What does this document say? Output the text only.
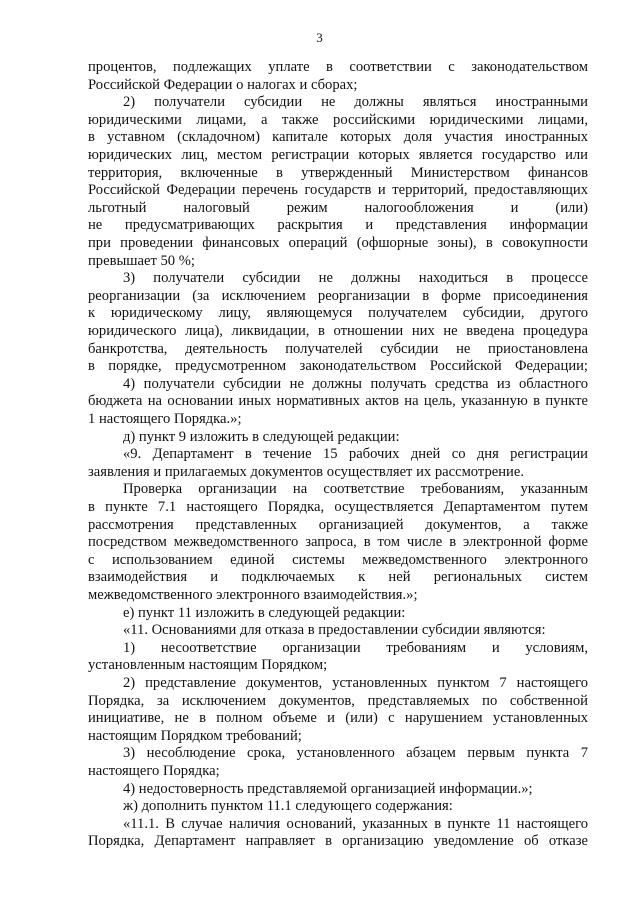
3
процентов, подлежащих уплате в соответствии с законодательством
Российской Федерации о налогах и сборах;
2) получатели субсидии не должны являться иностранными
юридическими лицами, а также российскими юридическими лицами,
в уставном (складочном) капитале которых доля участия иностранных
юридических лиц, местом регистрации которых является государство или
территория, включенные в утвержденный Министерством финансов
Российской Федерации перечень государств и территорий, предоставляющих
льготный налоговый режим налогообложения и (или)
не предусматривающих раскрытия и представления информации
при проведении финансовых операций (офшорные зоны), в совокупности
превышает 50 %;
3) получатели субсидии не должны находиться в процессе
реорганизации (за исключением реорганизации в форме присоединения
к юридическому лицу, являющемуся получателем субсидии, другого
юридического лица), ликвидации, в отношении них не введена процедура
банкротства, деятельность получателей субсидии не приостановлена
в порядке, предусмотренном законодательством Российской Федерации;
4) получатели субсидии не должны получать средства из областного
бюджета на основании иных нормативных актов на цель, указанную в пункте
1 настоящего Порядка.»;
д) пункт 9 изложить в следующей редакции:
«9. Департамент в течение 15 рабочих дней со дня регистрации
заявления и прилагаемых документов осуществляет их рассмотрение.
Проверка организации на соответствие требованиям, указанным
в пункте 7.1 настоящего Порядка, осуществляется Департаментом путем
рассмотрения представленных организацией документов, а также
посредством межведомственного запроса, в том числе в электронной форме
с использованием единой системы межведомственного электронного
взаимодействия и подключаемых к ней региональных систем
межведомственного электронного взаимодействия.»;
е) пункт 11 изложить в следующей редакции:
«11. Основаниями для отказа в предоставлении субсидии являются:
1) несоответствие организации требованиям и условиям,
установленным настоящим Порядком;
2) представление документов, установленных пунктом 7 настоящего
Порядка, за исключением документов, представляемых по собственной
инициативе, не в полном объеме и (или) с нарушением установленных
настоящим Порядком требований;
3) несоблюдение срока, установленного абзацем первым пункта 7
настоящего Порядка;
4) недостоверность представляемой организацией информации.»;
ж) дополнить пунктом 11.1 следующего содержания:
«11.1. В случае наличия оснований, указанных в пункте 11 настоящего
Порядка, Департамент направляет в организацию уведомление об отказе
